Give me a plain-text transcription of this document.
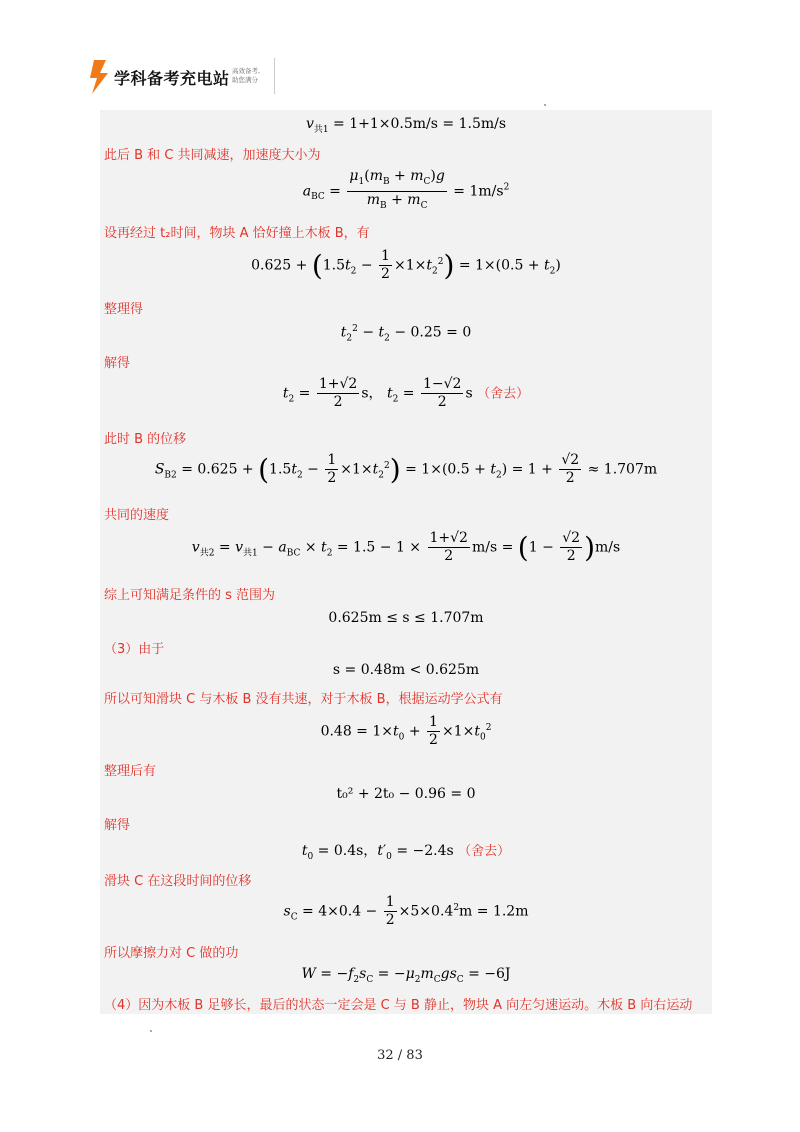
学科备考充电站 高效备考,
助您满分
$v_{共1} = 1+1\times 0.5m/s = 1.5m/s$
此后 B 和 C 共同减速，加速度大小为
$a_{BC} = \frac{\mu_1(m_B + m_C)g}{m_B + m_C} = 1m/s^2$
设再经过 t₂时间，物块 A 恰好撞上木板 B，有
$0.625 + (1.5t_2 - \frac{1}{2} \times 1\times t_2^2) = 1\times(0.5 + t_2)$
整理得
$t_2^2 - t_2 - 0.25 = 0$
解得
$t_2 = \frac{1+√2}{2}$ s， $t_2 = \frac{1-√2}{2}$ s （舍去）
此时 B 的位移
$S_{B2} = 0.625 + (1.5t_2 - \frac{1}{2} \times 1\times t_2^2) = 1\times(0.5 + t_2) = 1 + \frac{√2}{2} \approx 1.707m$
共同的速度
$v_{共2} = v_{共1} - a_{BC} \times t_2 = 1.5 - 1 \times \frac{1+√2}{2} m/s = (1 - \frac{√2}{2} )m/s$
综上可知满足条件的 s 范围为
0.625m ≤ s ≤ 1.707m
（3）由于
s = 0.48m < 0.625m
所以可知滑块 C 与木板 B 没有共速，对于木板 B，根据运动学公式有
$0.48 = 1\times t_0 + \frac{1}{2} \times 1\times t_0^2$
整理后有
t₀² + 2t₀ − 0.96 = 0
解得
$t_0 = 0.4s$，$t'_0 = -2.4s$ （舍去）
滑块 C 在这段时间的位移
$s_C = 4\times 0.4 - \frac{1}{2} \times 5\times 0.4^2m = 1.2m$
所以摩擦力对 C 做的功
$W = -f_2s_C = -\mu_2m_Cgs_C = -6J$
（4）因为木板 B 足够长，最后的状态一定会是 C 与 B 静止，物块 A 向左匀速运动。木板 B 向右运动
32 / 83
